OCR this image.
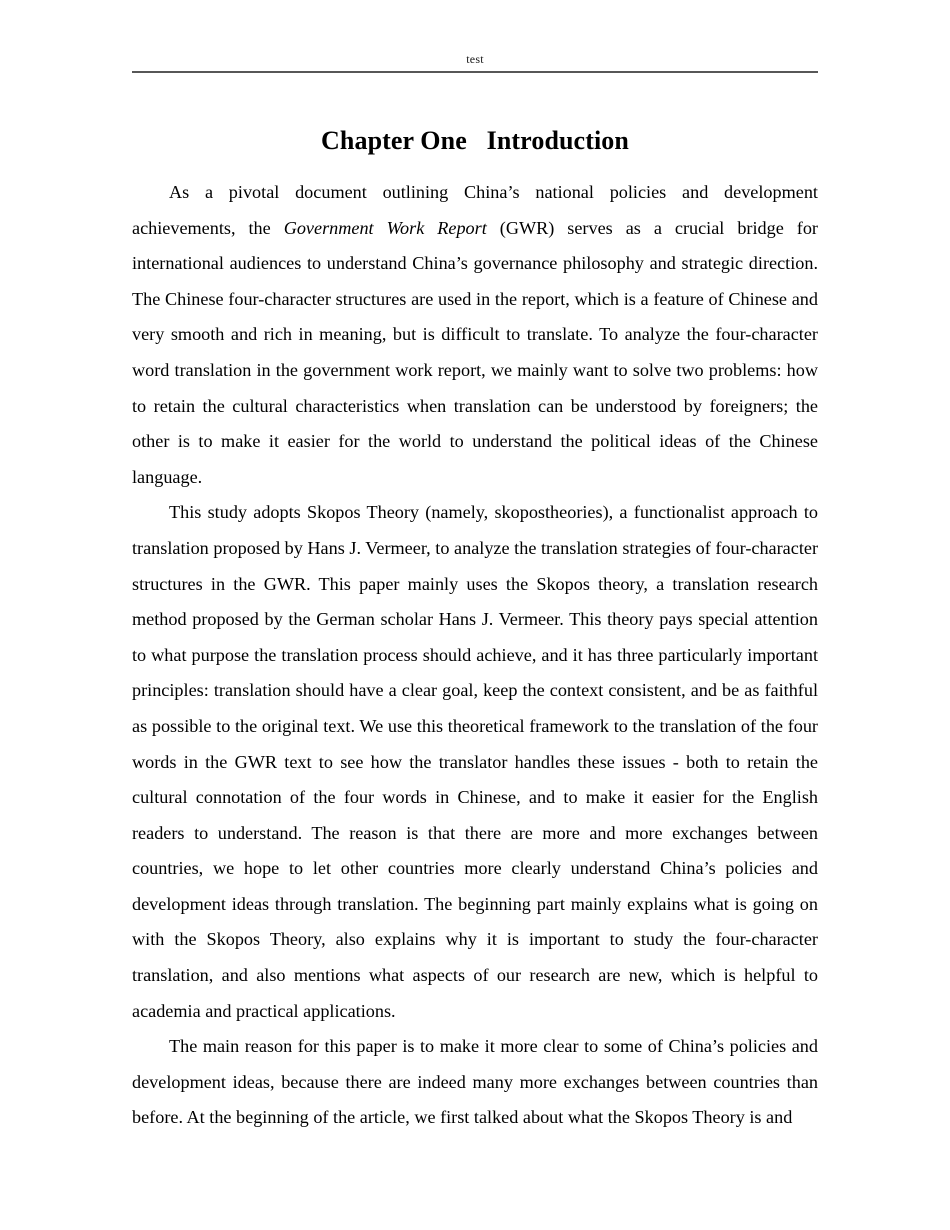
test
Chapter One   Introduction

As a pivotal document outlining China’s national policies and development achievements, the Government Work Report (GWR) serves as a crucial bridge for international audiences to understand China’s governance philosophy and strategic direction. The Chinese four-character structures are used in the report, which is a feature of Chinese and very smooth and rich in meaning, but is difficult to translate. To analyze the four-character word translation in the government work report, we mainly want to solve two problems: how to retain the cultural characteristics when translation can be understood by foreigners; the other is to make it easier for the world to understand the political ideas of the Chinese language.

This study adopts Skopos Theory (namely, skopostheories), a functionalist approach to translation proposed by Hans J. Vermeer, to analyze the translation strategies of four-character structures in the GWR. This paper mainly uses the Skopos theory, a translation research method proposed by the German scholar Hans J. Vermeer. This theory pays special attention to what purpose the translation process should achieve, and it has three particularly important principles: translation should have a clear goal, keep the context consistent, and be as faithful as possible to the original text. We use this theoretical framework to the translation of the four words in the GWR text to see how the translator handles these issues - both to retain the cultural connotation of the four words in Chinese, and to make it easier for the English readers to understand. The reason is that there are more and more exchanges between countries, we hope to let other countries more clearly understand China’s policies and development ideas through translation. The beginning part mainly explains what is going on with the Skopos Theory, also explains why it is important to study the four-character translation, and also mentions what aspects of our research are new, which is helpful to academia and practical applications.

The main reason for this paper is to make it more clear to some of China’s policies and development ideas, because there are indeed many more exchanges between countries than before. At the beginning of the article, we first talked about what the Skopos Theory is and
